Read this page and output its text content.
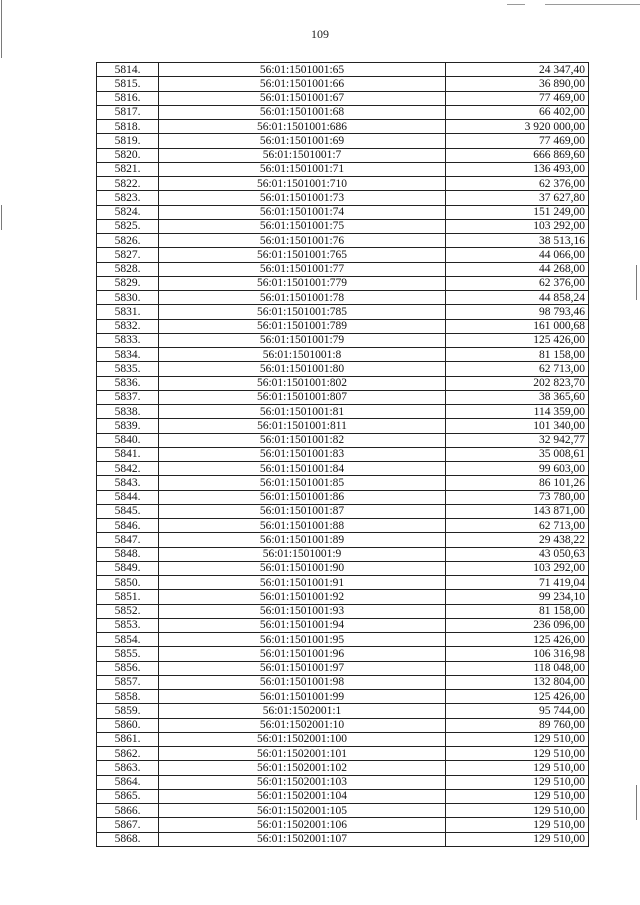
109
5814.	56:01:1501001:65	24 347,40
5815.	56:01:1501001:66	36 890,00
5816.	56:01:1501001:67	77 469,00
5817.	56:01:1501001:68	66 402,00
5818.	56:01:1501001:686	3 920 000,00
5819.	56:01:1501001:69	77 469,00
5820.	56:01:1501001:7	666 869,60
5821.	56:01:1501001:71	136 493,00
5822.	56:01:1501001:710	62 376,00
5823.	56:01:1501001:73	37 627,80
5824.	56:01:1501001:74	151 249,00
5825.	56:01:1501001:75	103 292,00
5826.	56:01:1501001:76	38 513,16
5827.	56:01:1501001:765	44 066,00
5828.	56:01:1501001:77	44 268,00
5829.	56:01:1501001:779	62 376,00
5830.	56:01:1501001:78	44 858,24
5831.	56:01:1501001:785	98 793,46
5832.	56:01:1501001:789	161 000,68
5833.	56:01:1501001:79	125 426,00
5834.	56:01:1501001:8	81 158,00
5835.	56:01:1501001:80	62 713,00
5836.	56:01:1501001:802	202 823,70
5837.	56:01:1501001:807	38 365,60
5838.	56:01:1501001:81	114 359,00
5839.	56:01:1501001:811	101 340,00
5840.	56:01:1501001:82	32 942,77
5841.	56:01:1501001:83	35 008,61
5842.	56:01:1501001:84	99 603,00
5843.	56:01:1501001:85	86 101,26
5844.	56:01:1501001:86	73 780,00
5845.	56:01:1501001:87	143 871,00
5846.	56:01:1501001:88	62 713,00
5847.	56:01:1501001:89	29 438,22
5848.	56:01:1501001:9	43 050,63
5849.	56:01:1501001:90	103 292,00
5850.	56:01:1501001:91	71 419,04
5851.	56:01:1501001:92	99 234,10
5852.	56:01:1501001:93	81 158,00
5853.	56:01:1501001:94	236 096,00
5854.	56:01:1501001:95	125 426,00
5855.	56:01:1501001:96	106 316,98
5856.	56:01:1501001:97	118 048,00
5857.	56:01:1501001:98	132 804,00
5858.	56:01:1501001:99	125 426,00
5859.	56:01:1502001:1	95 744,00
5860.	56:01:1502001:10	89 760,00
5861.	56:01:1502001:100	129 510,00
5862.	56:01:1502001:101	129 510,00
5863.	56:01:1502001:102	129 510,00
5864.	56:01:1502001:103	129 510,00
5865.	56:01:1502001:104	129 510,00
5866.	56:01:1502001:105	129 510,00
5867.	56:01:1502001:106	129 510,00
5868.	56:01:1502001:107	129 510,00
